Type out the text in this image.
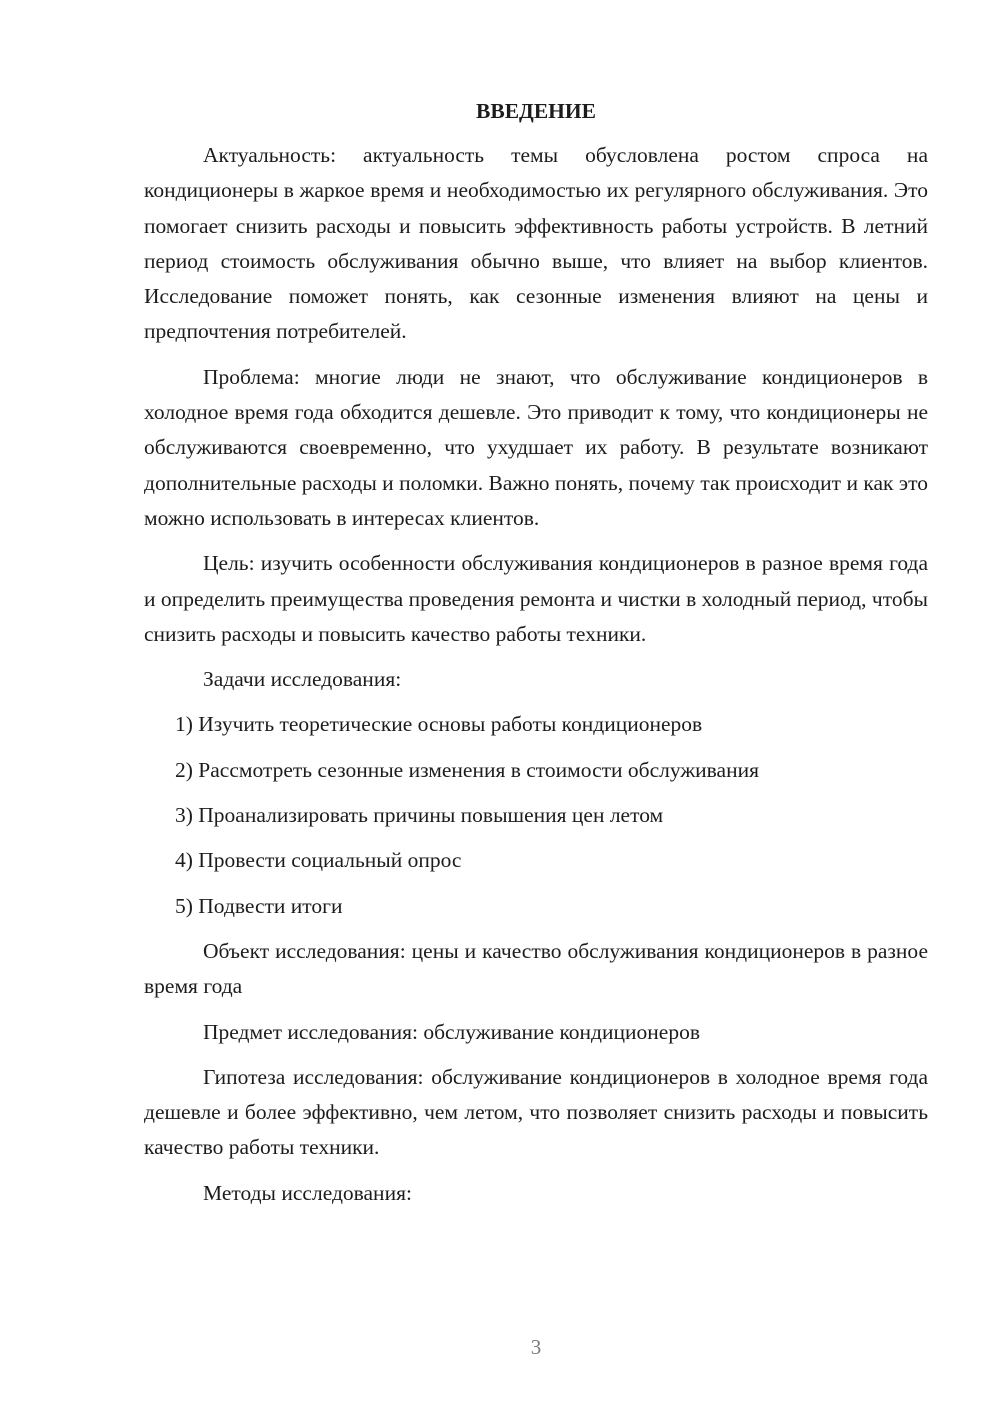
ВВЕДЕНИЕ

Актуальность: актуальность темы обусловлена ростом спроса на кондиционеры в жаркое время и необходимостью их регулярного обслуживания. Это помогает снизить расходы и повысить эффективность работы устройств. В летний период стоимость обслуживания обычно выше, что влияет на выбор клиентов. Исследование поможет понять, как сезонные изменения влияют на цены и предпочтения потребителей.

Проблема: многие люди не знают, что обслуживание кондиционеров в холодное время года обходится дешевле. Это приводит к тому, что кондиционеры не обслуживаются своевременно, что ухудшает их работу. В результате возникают дополнительные расходы и поломки. Важно понять, почему так происходит и как это можно использовать в интересах клиентов.

Цель: изучить особенности обслуживания кондиционеров в разное время года и определить преимущества проведения ремонта и чистки в холодный период, чтобы снизить расходы и повысить качество работы техники.

Задачи исследования:

1) Изучить теоретические основы работы кондиционеров

2) Рассмотреть сезонные изменения в стоимости обслуживания

3) Проанализировать причины повышения цен летом

4) Провести социальный опрос

5) Подвести итоги

Объект исследования: цены и качество обслуживания кондиционеров в разное время года

Предмет исследования: обслуживание кондиционеров

Гипотеза исследования: обслуживание кондиционеров в холодное время года дешевле и более эффективно, чем летом, что позволяет снизить расходы и повысить качество работы техники.

Методы исследования:

3
